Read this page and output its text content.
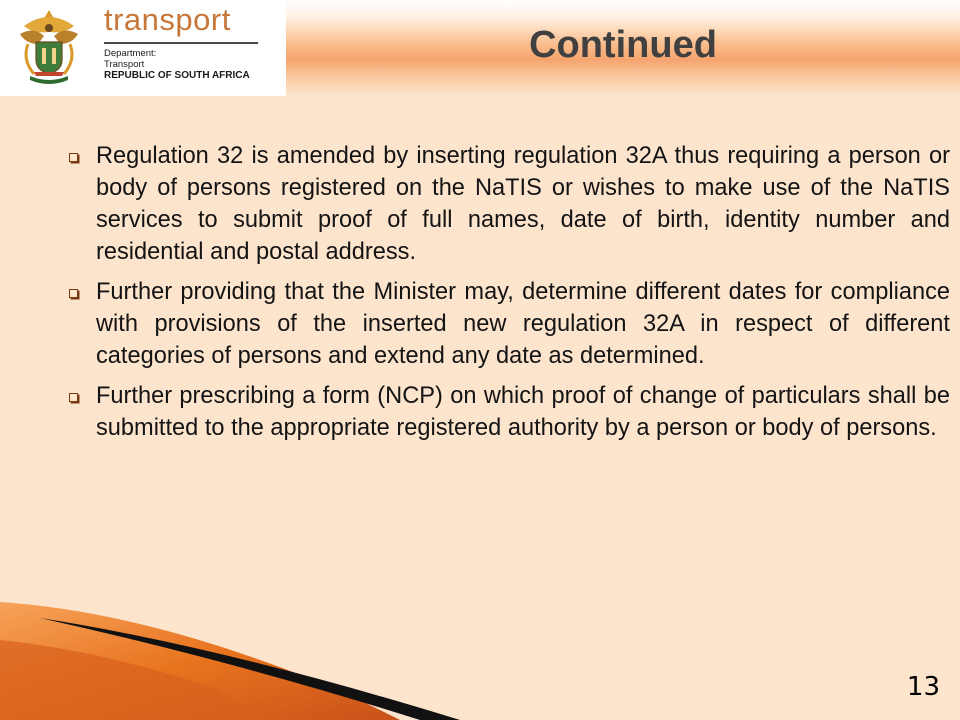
transport
Department:
Transport
REPUBLIC OF SOUTH AFRICA
Continued
Regulation 32 is amended by inserting regulation 32A thus requiring a person or body of persons registered on the NaTIS or wishes to make use of the NaTIS services to submit proof of full names, date of birth, identity number and residential and postal address.
Further providing that the Minister may, determine different dates for compliance with provisions of the inserted new regulation 32A in respect of different categories of persons and extend any date as determined.
Further prescribing a form (NCP) on which proof of change of particulars shall be submitted to the appropriate registered authority by a person or body of persons.
13
